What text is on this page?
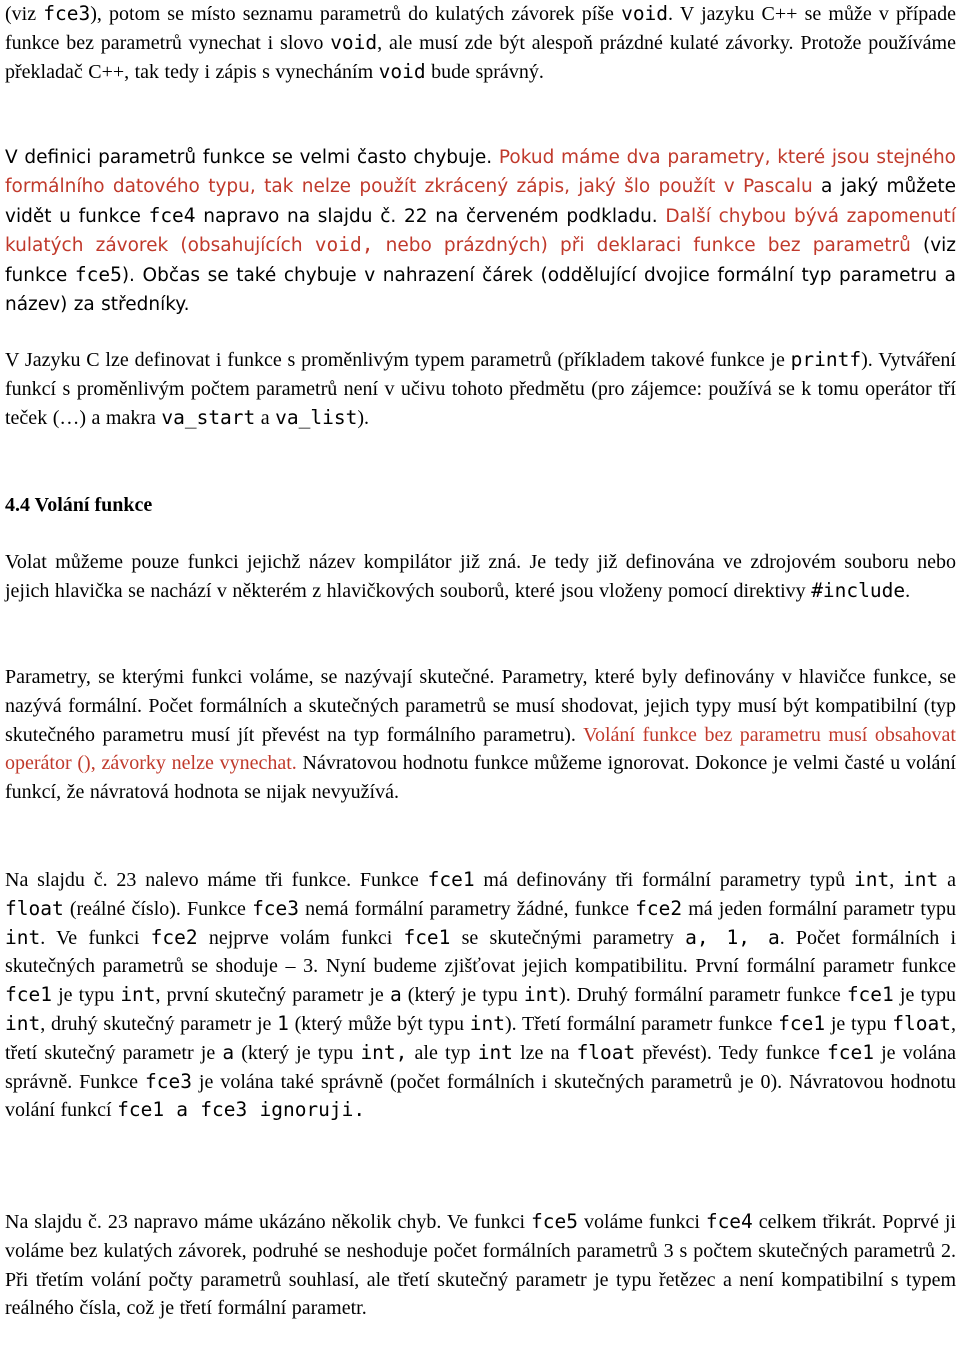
(viz fce3), potom se místo seznamu parametrů do kulatých závorek píše void. V jazyku C++ se může v případe funkce bez parametrů vynechat i slovo void, ale musí zde být alespoň prázdné kulaté závorky. Protože používáme překladač C++, tak tedy i zápis s vynecháním void bude správný.

V definici parametrů funkce se velmi často chybuje. Pokud máme dva parametry, které jsou stejného formálního datového typu, tak nelze použít zkrácený zápis, jaký šlo použít v Pascalu a jaký můžete vidět u funkce fce4 napravo na slajdu č. 22 na červeném podkladu. Další chybou bývá zapomenutí kulatých závorek (obsahujících void, nebo prázdných) při deklaraci funkce bez parametrů (viz funkce fce5). Občas se také chybuje v nahrazení čárek (oddělující dvojice formální typ parametru a název) za středníky.

V Jazyku C lze definovat i funkce s proměnlivým typem parametrů (příkladem takové funkce je printf). Vytváření funkcí s proměnlivým počtem parametrů není v učivu tohoto předmětu (pro zájemce: používá se k tomu operátor tří teček (…) a makra va_start a va_list).

4.4 Volání funkce

Volat můžeme pouze funkci jejichž název kompilátor již zná. Je tedy již definována ve zdrojovém souboru nebo jejich hlavička se nachází v některém z hlavičkových souborů, které jsou vloženy pomocí direktivy #include.

Parametry, se kterými funkci voláme, se nazývají skutečné. Parametry, které byly definovány v hlavičce funkce, se nazývá formální. Počet formálních a skutečných parametrů se musí shodovat, jejich typy musí být kompatibilní (typ skutečného parametru musí jít převést na typ formálního parametru). Volání funkce bez parametru musí obsahovat operátor (), závorky nelze vynechat. Návratovou hodnotu funkce můžeme ignorovat. Dokonce je velmi časté u volání funkcí, že návratová hodnota se nijak nevyužívá.

Na slajdu č. 23 nalevo máme tři funkce. Funkce fce1 má definovány tři formální parametry typů int, int a float (reálné číslo). Funkce fce3 nemá formální parametry žádné, funkce fce2 má jeden formální parametr typu int. Ve funkci fce2 nejprve volám funkci fce1 se skutečnými parametry a, 1, a. Počet formálních i skutečných parametrů se shoduje – 3. Nyní budeme zjišťovat jejich kompatibilitu. První formální parametr funkce fce1 je typu int, první skutečný parametr je a (který je typu int). Druhý formální parametr funkce fce1 je typu int, druhý skutečný parametr je 1 (který může být typu int). Třetí formální parametr funkce fce1 je typu float, třetí skutečný parametr je a (který je typu int, ale typ int lze na float převést). Tedy funkce fce1 je volána správně. Funkce fce3 je volána také správně (počet formálních i skutečných parametrů je 0). Návratovou hodnotu volání funkcí fce1 a fce3 ignoruji.

Na slajdu č. 23 napravo máme ukázáno několik chyb. Ve funkci fce5 voláme funkci fce4 celkem třikrát. Poprvé ji voláme bez kulatých závorek, podruhé se neshoduje počet formálních parametrů 3 s počtem skutečných parametrů 2. Při třetím volání počty parametrů souhlasí, ale třetí skutečný parametr je typu řetězec a není kompatibilní s typem reálného čísla, což je třetí formální parametr.
